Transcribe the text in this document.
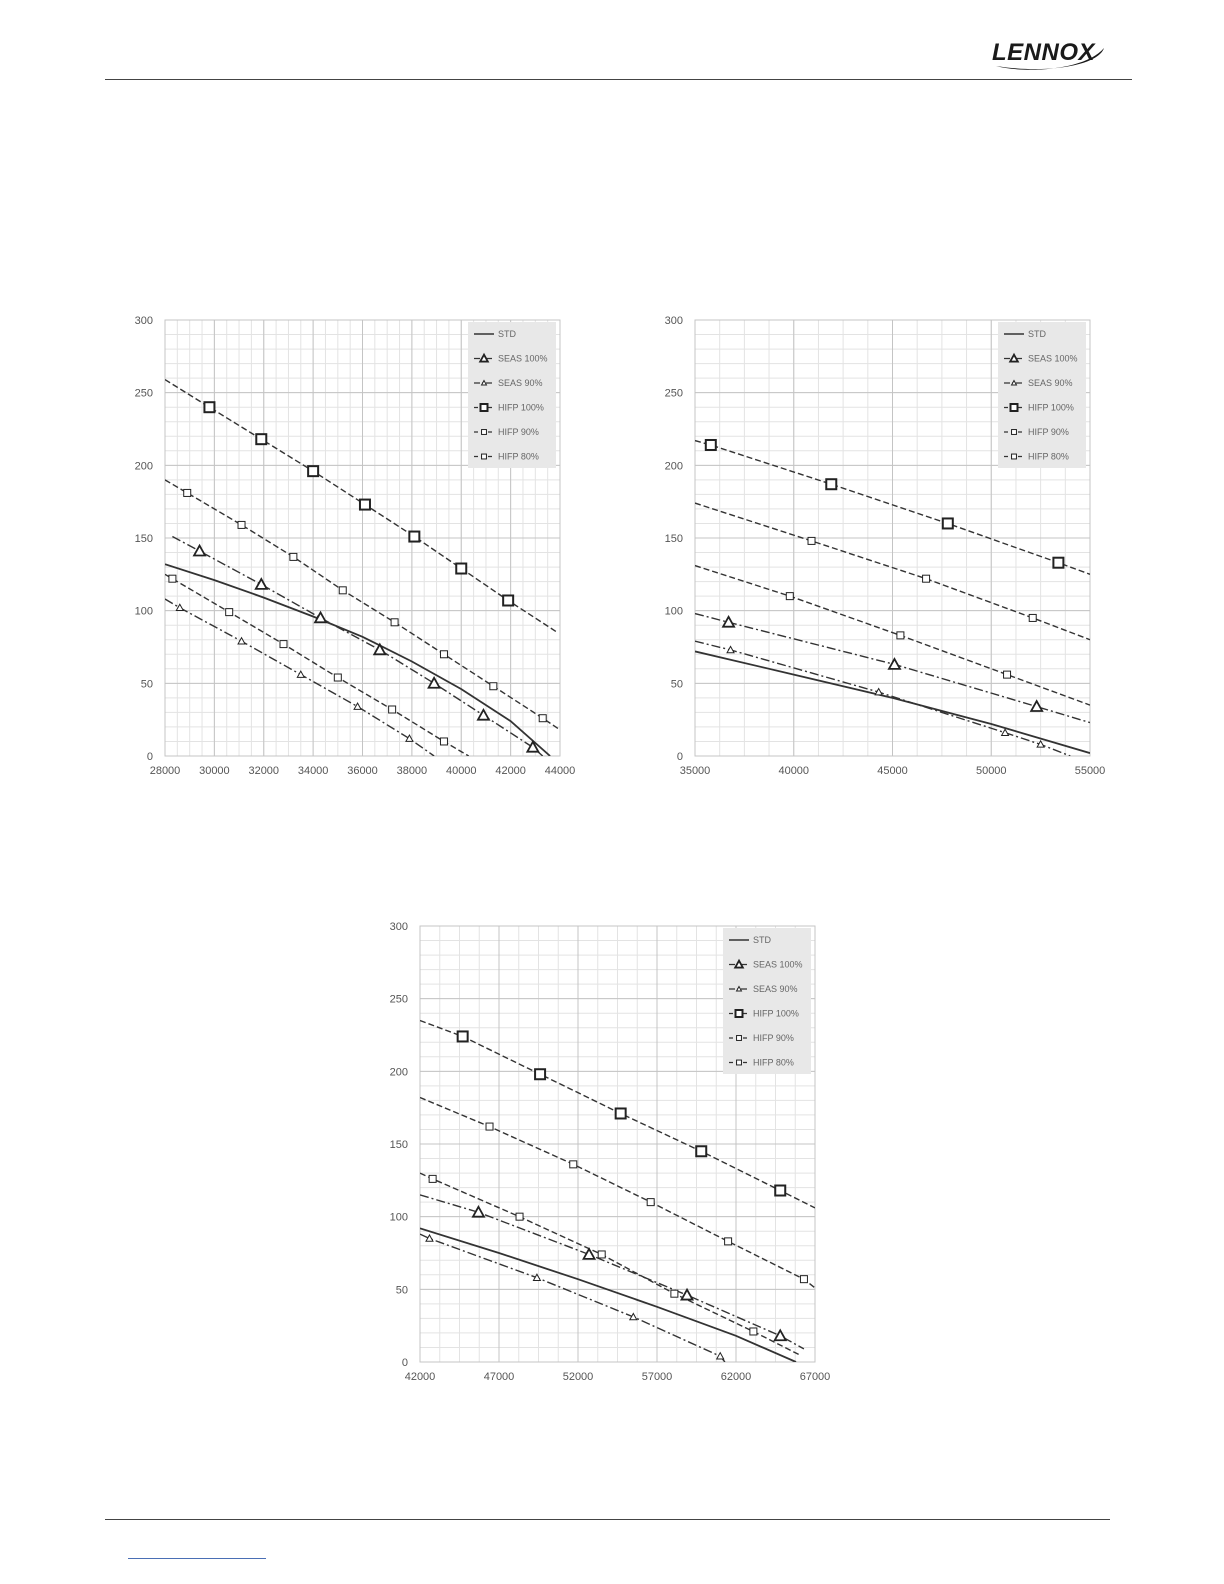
LENNOX
28000 30000 32000 34000 36000 38000 40000 42000 44000
0
50
100
150
200
250
300
STD
SEAS 100%
SEAS 90%
HIFP 100%
HIFP 90%
HIFP 80%
35000	40000	45000	50000	55000
0
50
100
150
200
250
300
STD
SEAS 100%
SEAS 90%
HIFP 100%
HIFP 90%
HIFP 80%
42000	47000	52000	57000	62000	67000
0
50
100
150
200
250
300
STD
SEAS 100%
SEAS 90%
HIFP 100%
HIFP 90%
HIFP 80%
